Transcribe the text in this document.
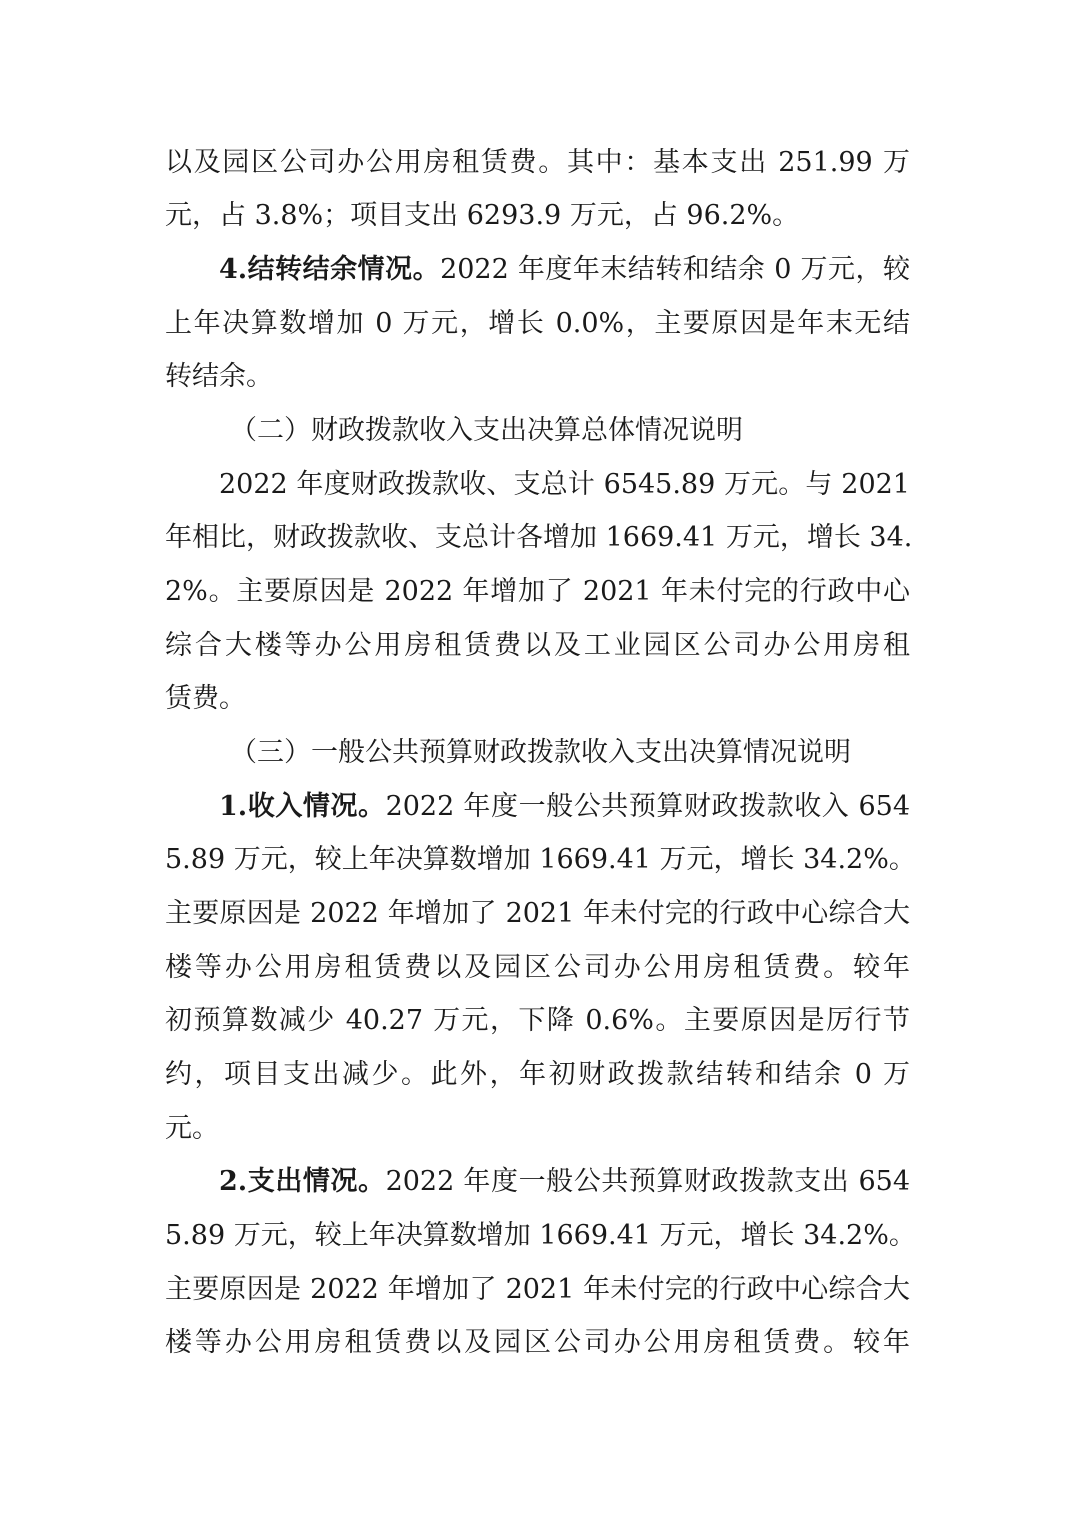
以及园区公司办公用房租赁费。其中：基本支出 251.99 万
元，占 3.8%；项目支出 6293.9 万元，占 96.2%。
4.结转结余情况。2022 年度年末结转和结余 0 万元，较
上年决算数增加 0 万元，增长 0.0%，主要原因是年末无结
转结余。
（二）财政拨款收入支出决算总体情况说明
2022 年度财政拨款收、支总计 6545.89 万元。与 2021
年相比，财政拨款收、支总计各增加 1669.41 万元，增长 34.
2%。主要原因是 2022 年增加了 2021 年未付完的行政中心
综合大楼等办公用房租赁费以及工业园区公司办公用房租
赁费。
（三）一般公共预算财政拨款收入支出决算情况说明
1.收入情况。2022 年度一般公共预算财政拨款收入 654
5.89 万元，较上年决算数增加 1669.41 万元，增长 34.2%。
主要原因是 2022 年增加了 2021 年未付完的行政中心综合大
楼等办公用房租赁费以及园区公司办公用房租赁费。较年
初预算数减少 40.27 万元，下降 0.6%。主要原因是厉行节
约，项目支出减少。此外，年初财政拨款结转和结余 0 万
元。
2.支出情况。2022 年度一般公共预算财政拨款支出 654
5.89 万元，较上年决算数增加 1669.41 万元，增长 34.2%。
主要原因是 2022 年增加了 2021 年未付完的行政中心综合大
楼等办公用房租赁费以及园区公司办公用房租赁费。较年
